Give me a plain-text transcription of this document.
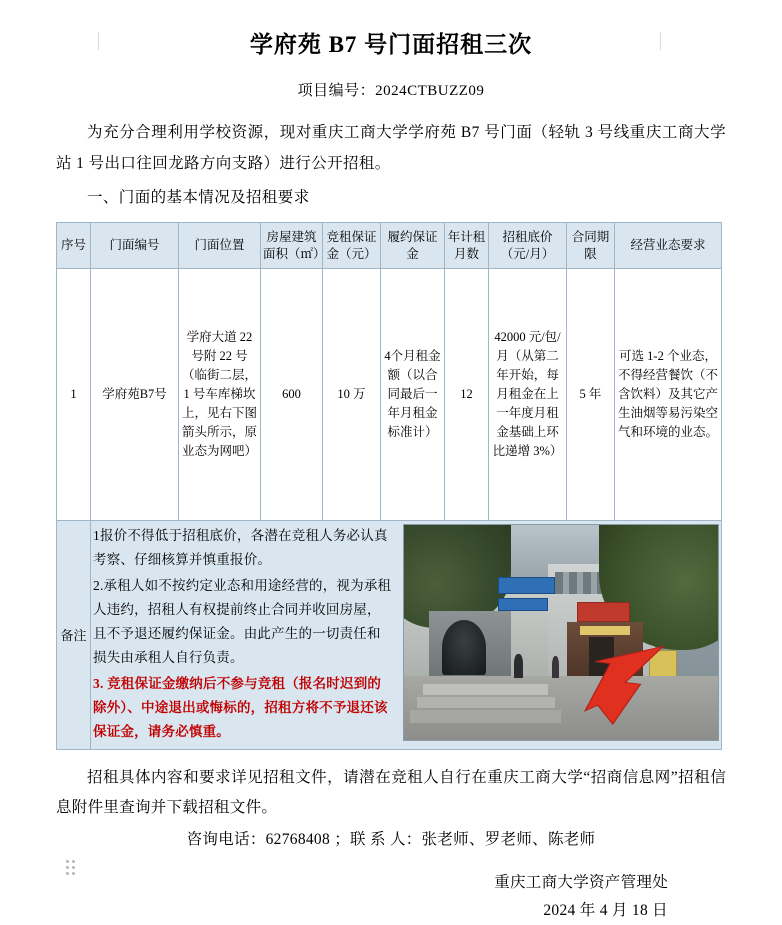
学府苑 B7 号门面招租三次
项目编号：2024CTBUZZ09
为充分合理利用学校资源，现对重庆工商大学学府苑 B7 号门面（轻轨 3 号线重庆工商大学站 1 号出口往回龙路方向支路）进行公开招租。
一、门面的基本情况及招租要求
序号	门面编号	门面位置	房屋建筑面积（㎡）	竞租保证金（元）	履约保证金	年计租月数	招租底价（元/月）	合同期限	经营业态要求
1	学府苑B7号	学府大道 22 号附 22 号（临街二层，1 号车库梯坎上，见右下图箭头所示，原业态为网吧）	600	10 万	4个月租金额（以合同最后一年月租金标准计）	12	42000 元/包/月（从第二年开始，每月租金在上一年度月租金基础上环比递增 3%）	5 年	可选 1-2 个业态，不得经营餐饮（不含饮料）及其它产生油烟等易污染空气和环境的业态。
备注	1报价不得低于招租底价，各潜在竞租人务必认真考察、仔细核算并慎重报价。

2.承租人如不按约定业态和用途经营的，视为承租人违约，招租人有权提前终止合同并收回房屋，且不予退还履约保证金。由此产生的一切责任和损失由承租人自行负责。

3. 竞租保证金缴纳后不参与竞租（报名时迟到的除外）、中途退出或悔标的，招租方将不予退还该保证金，请务必慎重。								

招租具体内容和要求详见招租文件，请潜在竞租人自行在重庆工商大学“招商信息网”招租信息附件里查询并下载招租文件。
咨询电话：62768408 ；联 系 人：张老师、罗老师、陈老师
重庆工商大学资产管理处
2024 年 4 月 18 日
